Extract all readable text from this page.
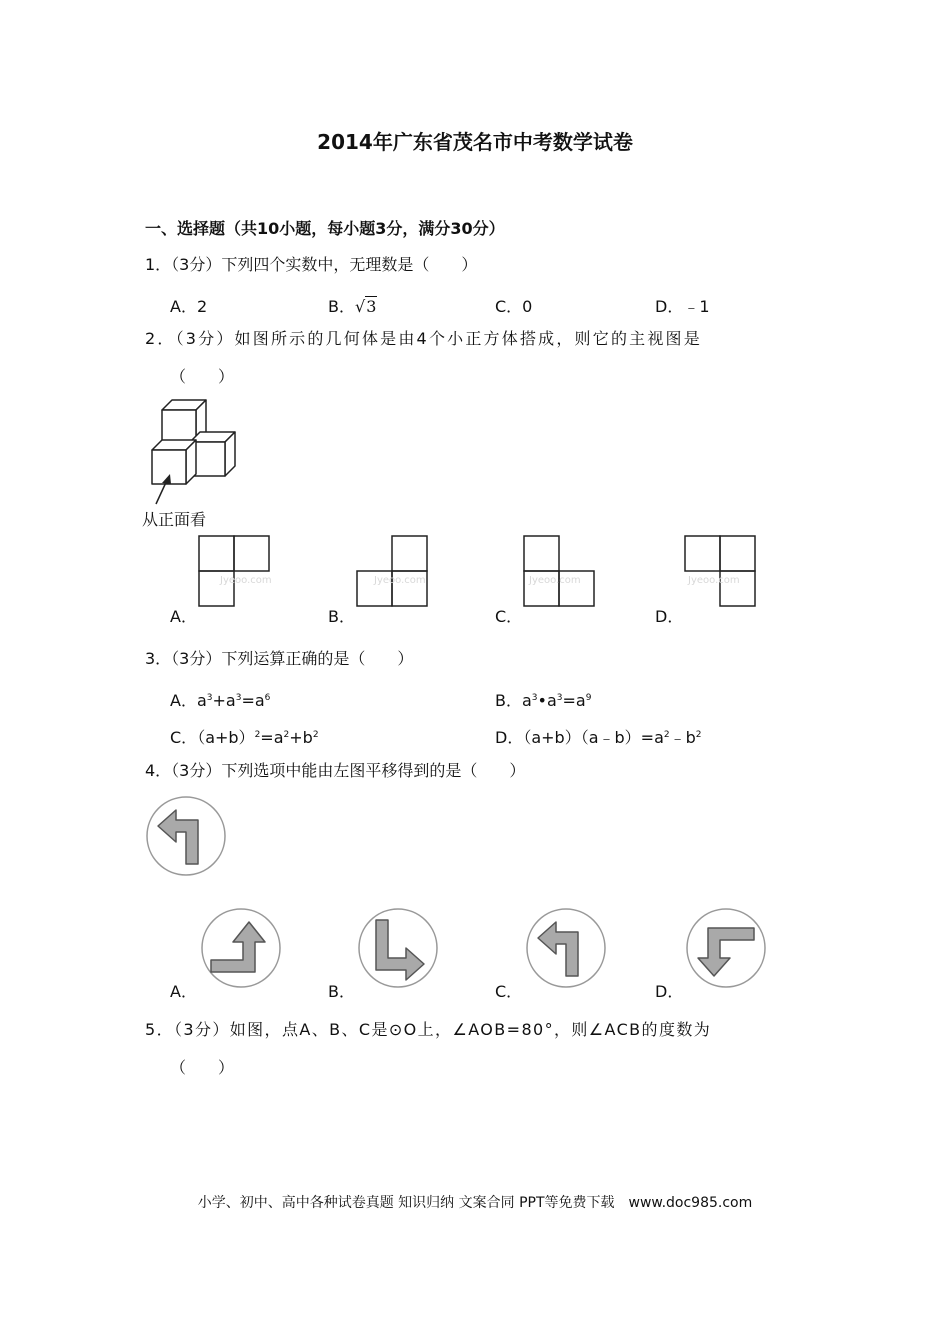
2014年广东省茂名市中考数学试卷
一、选择题（共10小题，每小题3分，满分30分）
1．（3分）下列四个实数中，无理数是（　　）
A．2	B．√3	C．0	D．﹣1
2．（3分）如图所示的几何体是由4个小正方体搭成，则它的主视图是
（　　）
从正面看
Jyeoo.com	Jyeoo.com	Jyeoo.com	Jyeoo.com
A．	B．	C．	D．
3．（3分）下列运算正确的是（　　）
A．$a^3+a^3=a^6$	B．$a^3•a^3=a^9$
C．$(a+b)^2=a^2+b^2$	D．$(a+b)(a﹣b)=a^2﹣b^2$
4．（3分）下列选项中能由左图平移得到的是（　　）
A．	B．	C．	D．
5．（3分）如图，点A、B、C是⊙O上，∠AOB=80°，则∠ACB的度数为
（　　）
小学、初中、高中各种试卷真题 知识归纳 文案合同 PPT等免费下载　www.doc985.com
